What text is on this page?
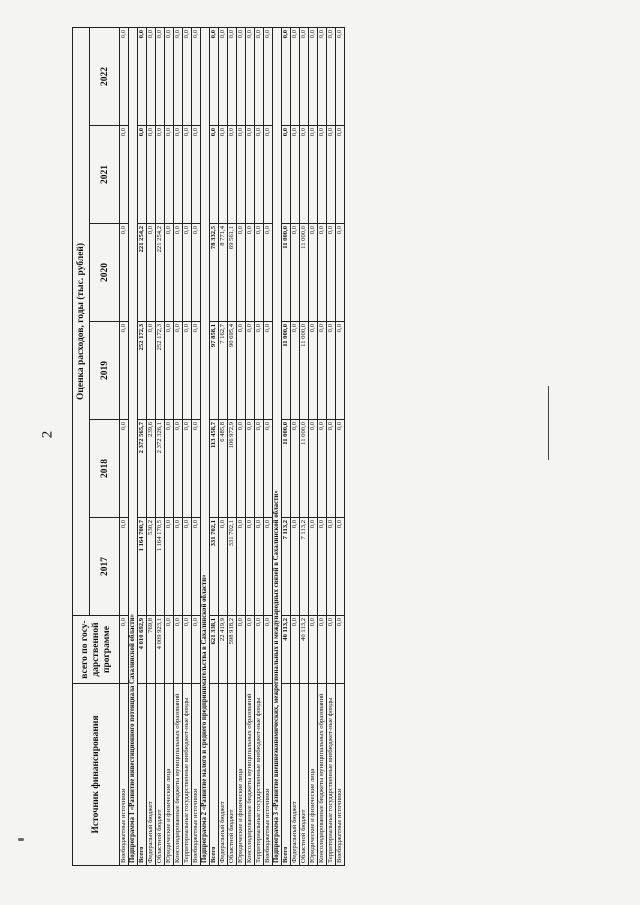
2
Источник финансирования	всего по госу-дарственной программе	Оценка расходов, годы (тыс. рублей)					
		2017	2018	2019	2020	2021	2022
Внебюджетные источники	0,0	0,0	0,0	0,0	0,0	0,0	0,0
Подпрограмма 1 «Развитие инвестиционного потенциала Сахалинской области»							
Всего	4 010 692,9	1 164 700,7	2 372 565,7	252 172,3	221 254,2	0,0	0,0
Федеральный бюджет	769,8	530,2	239,6	0,0	0,0	0,0	0,0
Областной бюджет	4 009 923,1	1 164 170,5	2 372 326,1	252 172,3	221 254,2	0,0	0,0
Юридические и физические лица	0,0	0,0	0,0	0,0	0,0	0,0	0,0
Консолидированные бюджеты муниципальных образований	0,0	0,0	0,0	0,0	0,0	0,0	0,0
Территориальные государственные внебюджет-ные фонды	0,0	0,0	0,0	0,0	0,0	0,0	0,0
Внебюджетные источники	0,0	0,0	0,0	0,0	0,0	0,0	0,0
Подпрограмма 2 «Развитие малого и среднего предпринимательства в Сахалинской области»							
Всего	621 338,1	331 702,1	113 458,7	97 858,1	78 332,5	0,0	0,0
Федеральный бюджет	22 419,9	0,0	6 485,8	7 162,7	8 771,4	0,0	0,0
Областной бюджет	598 918,2	331 702,1	106 972,9	90 695,4	69 561,1	0,0	0,0
Юридические и физические лица	0,0	0,0	0,0	0,0	0,0	0,0	0,0
Консолидированные бюджеты муниципальных образований	0,0	0,0	0,0	0,0	0,0	0,0	0,0
Территориальные государственные внебюджет-ные фонды	0,0	0,0	0,0	0,0	0,0	0,0	0,0
Внебюджетные источники	0,0	0,0	0,0	0,0	0,0	0,0	0,0
Подпрограмма 3 «Развитие внешнеэкономических, межрегиональных и международных связей в Сахалинской области»							
Всего	40 113,2	7 113,2	11 000,0	11 000,0	11 000,0	0,0	0,0
Федеральный бюджет	0,0	0,0	0,0	0,0	0,0	0,0	0,0
Областной бюджет	40 113,2	7 113,2	11 000,0	11 000,0	11 000,0	0,0	0,0
Юридические и физические лица	0,0	0,0	0,0	0,0	0,0	0,0	0,0
Консолидированные бюджеты муниципальных образований	0,0	0,0	0,0	0,0	0,0	0,0	0,0
Территориальные государственные внебюджет-ные фонды	0,0	0,0	0,0	0,0	0,0	0,0	0,0
Внебюджетные источники	0,0	0,0	0,0	0,0	0,0	0,0	0,0
